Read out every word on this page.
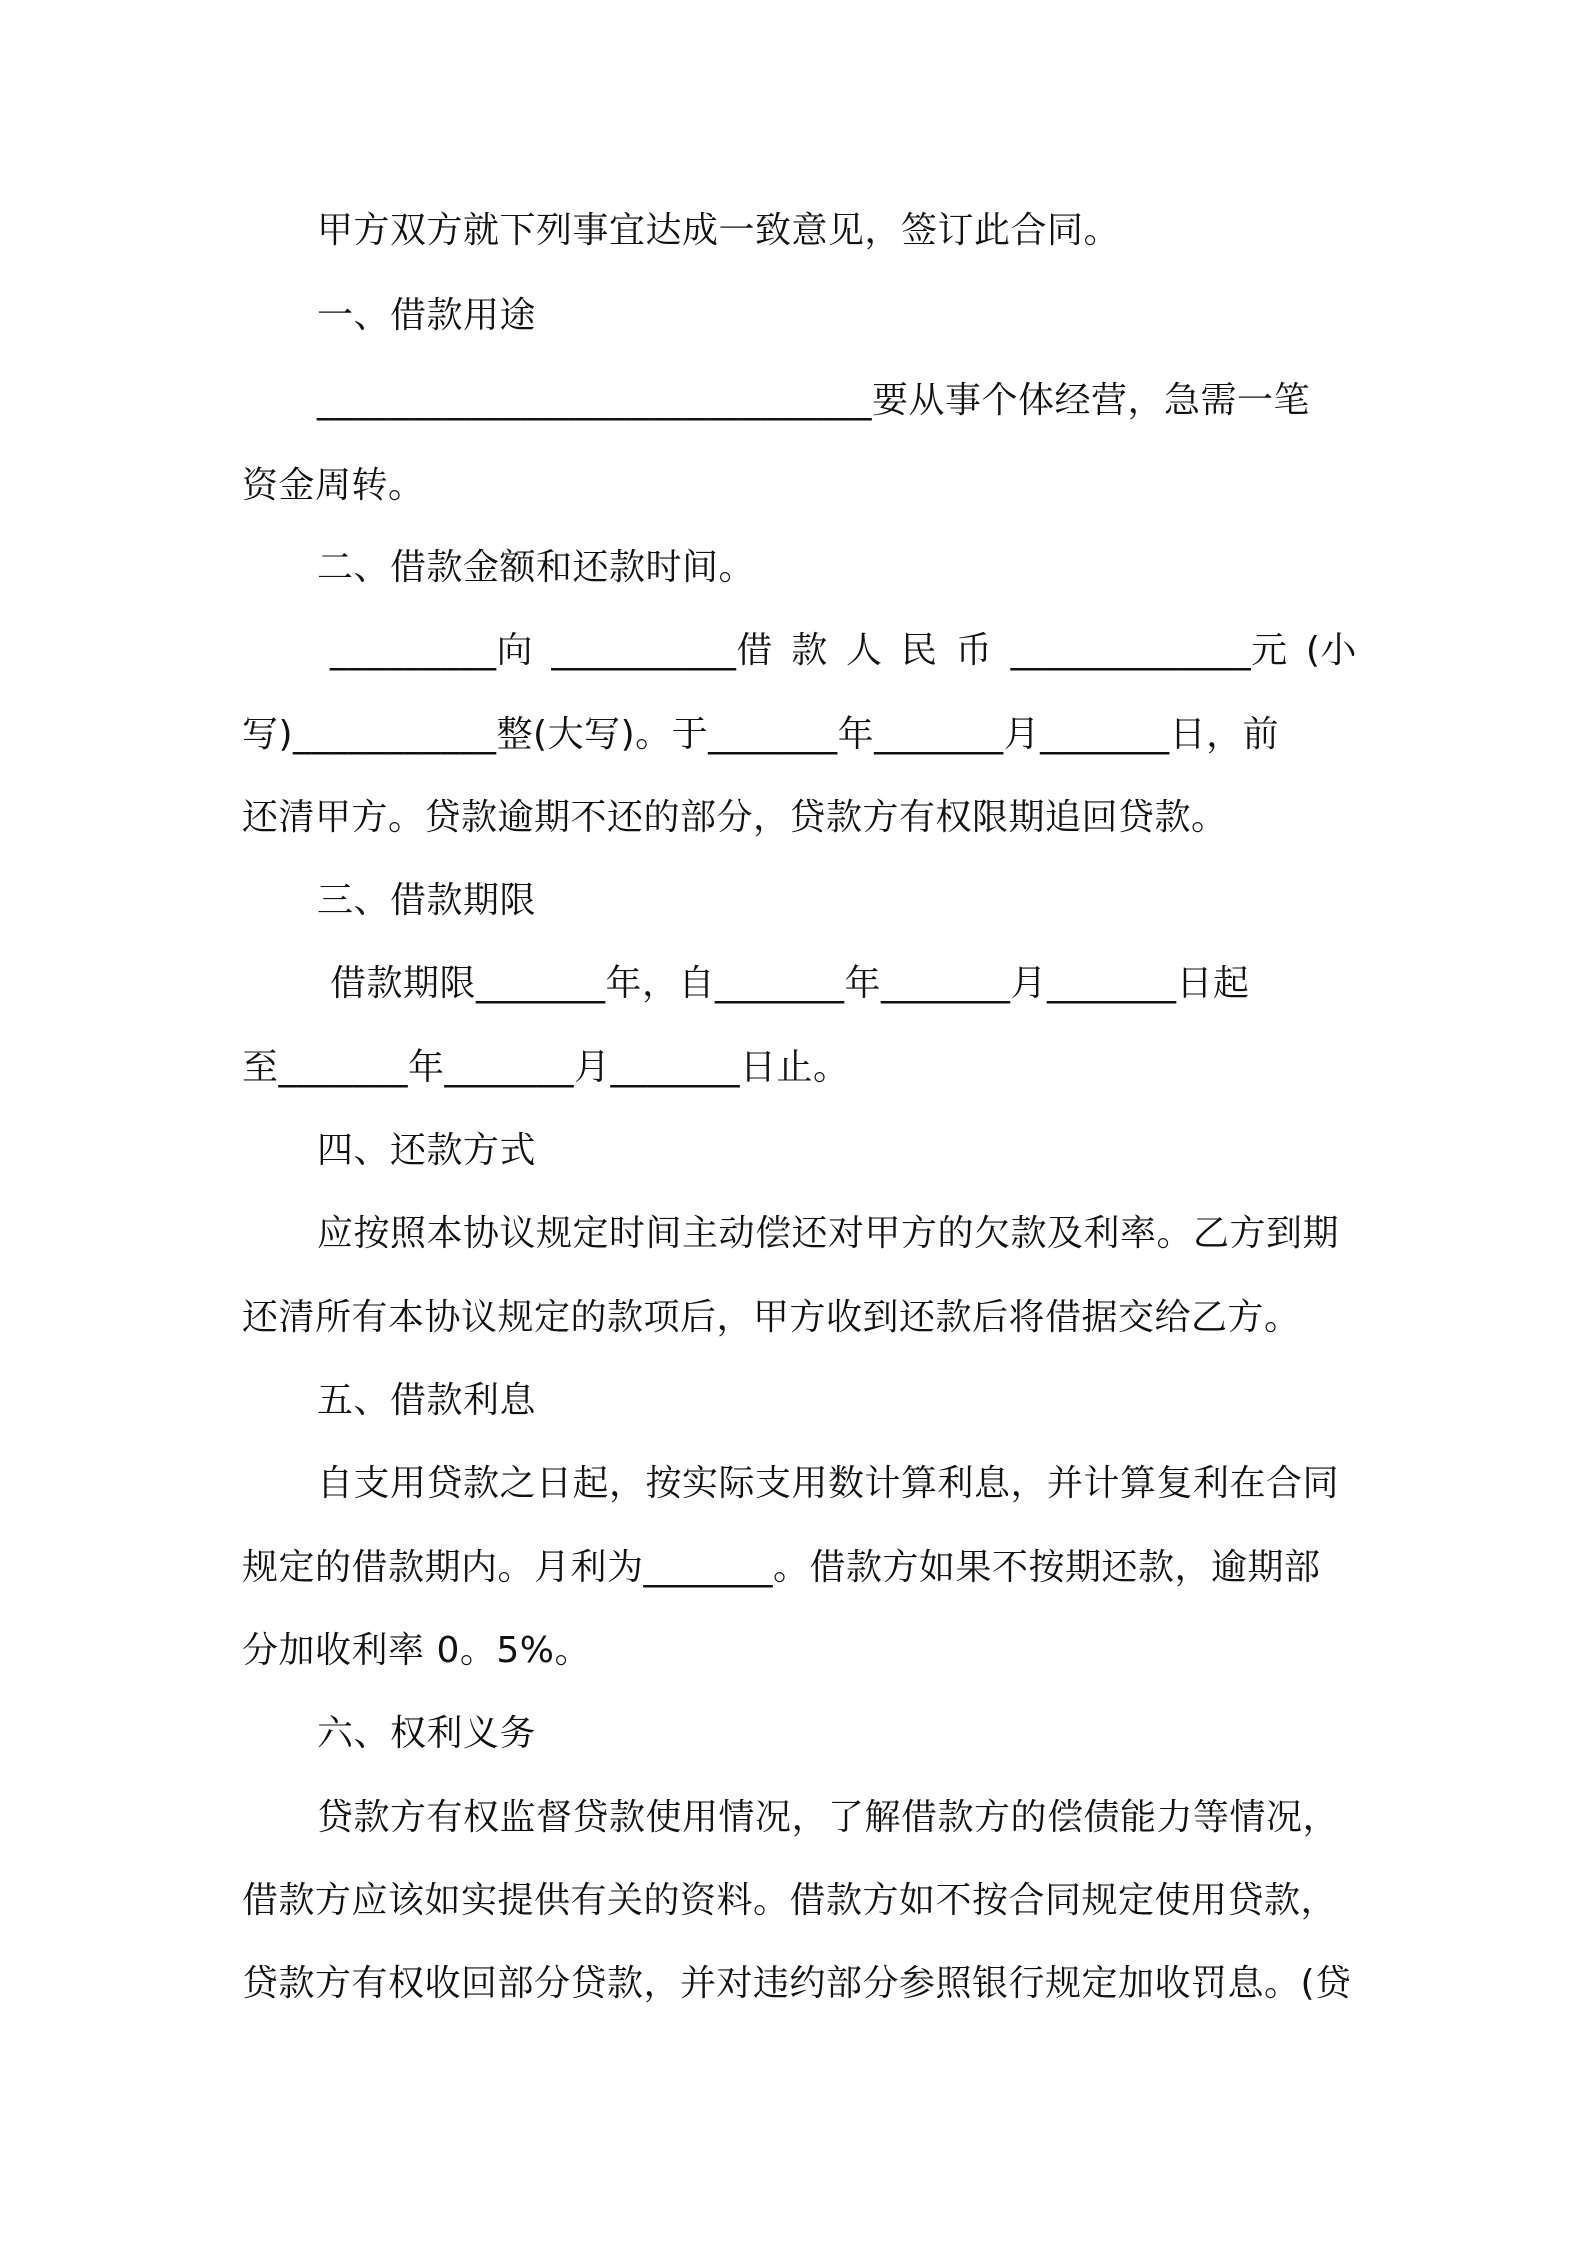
甲方双方就下列事宜达成一致意见，签订此合同。
一、借款用途
______________________________要从事个体经营，急需一笔
资金周转。
二、借款金额和还款时间。
_________向 __________借 款 人 民 币 _____________元 (小
写)___________整(大写)。于_______年_______月_______日，前
还清甲方。贷款逾期不还的部分，贷款方有权限期追回贷款。
三、借款期限
借款期限_______年，自_______年_______月_______日起
至_______年_______月_______日止。
四、还款方式
应按照本协议规定时间主动偿还对甲方的欠款及利率。乙方到期
还清所有本协议规定的款项后，甲方收到还款后将借据交给乙方。
五、借款利息
自支用贷款之日起，按实际支用数计算利息，并计算复利在合同
规定的借款期内。月利为_______。借款方如果不按期还款，逾期部
分加收利率 0。5%。
六、权利义务
贷款方有权监督贷款使用情况，了解借款方的偿债能力等情况，
借款方应该如实提供有关的资料。借款方如不按合同规定使用贷款，
贷款方有权收回部分贷款，并对违约部分参照银行规定加收罚息。(贷
